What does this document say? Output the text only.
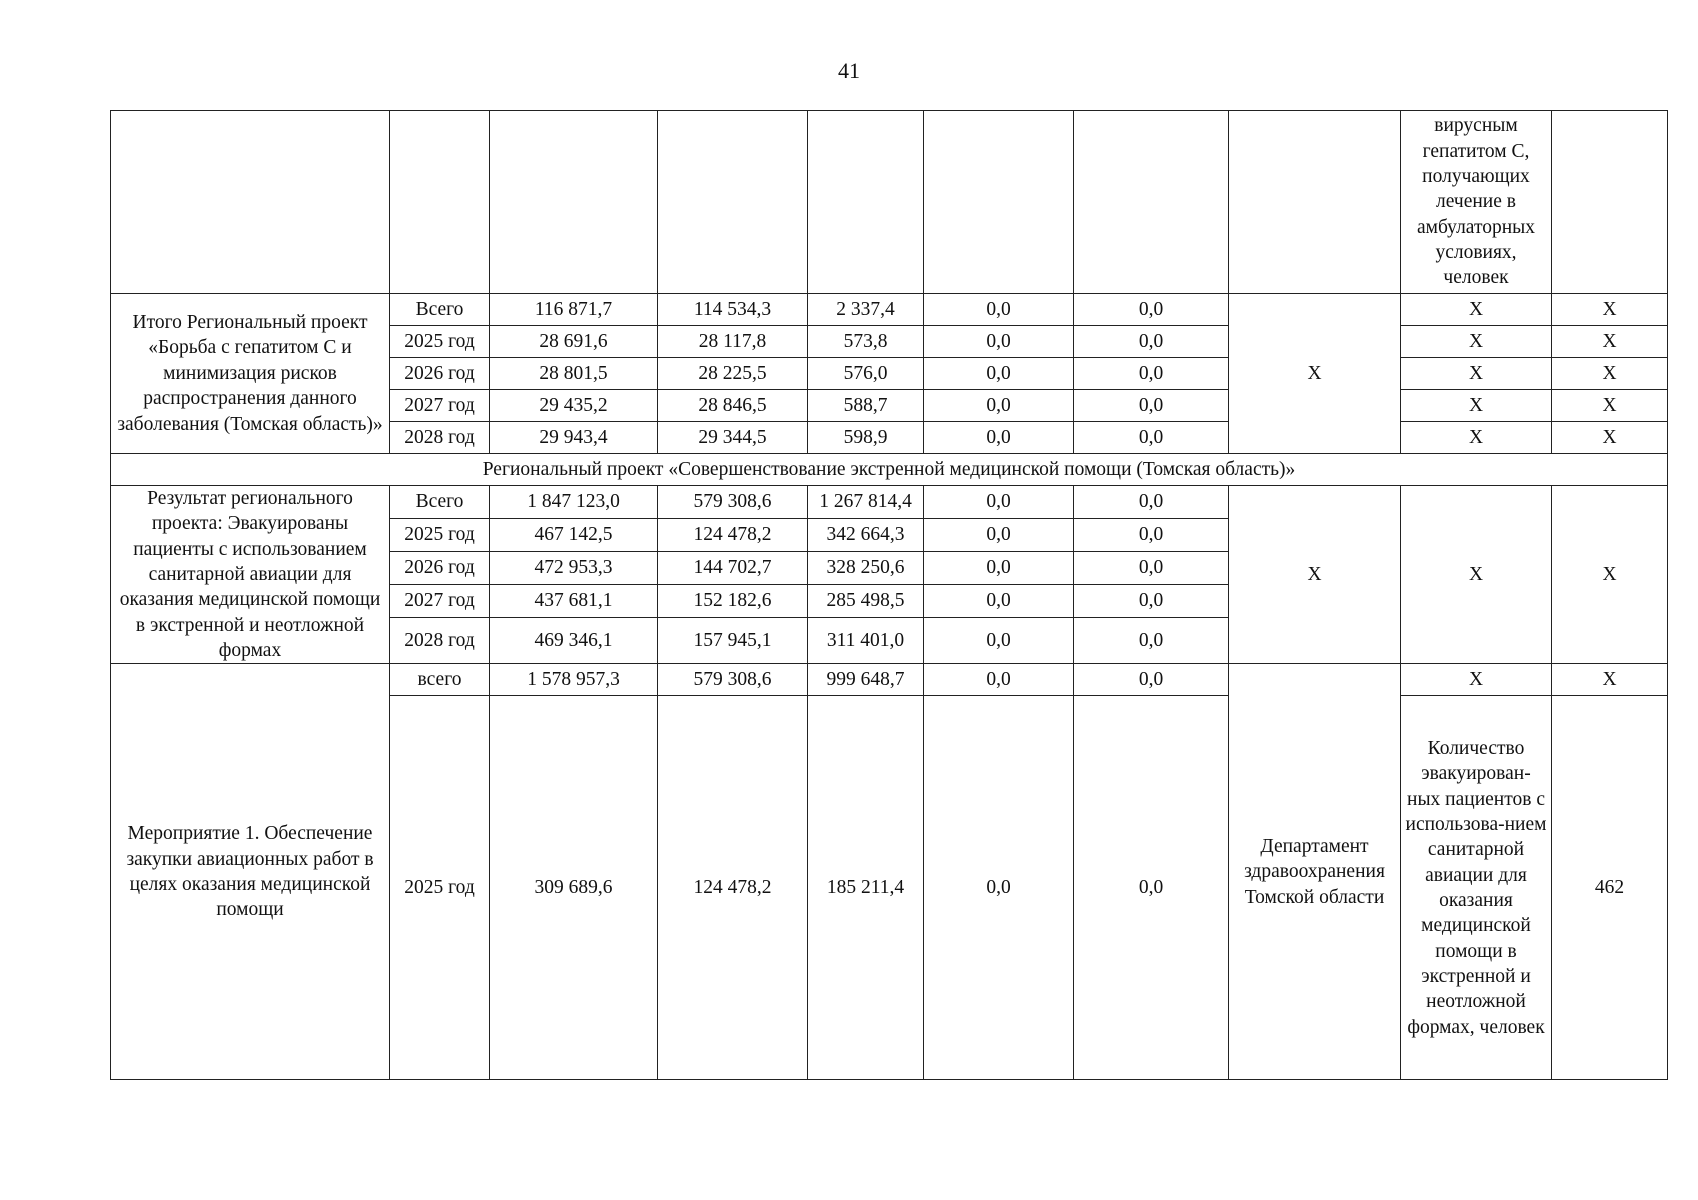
41
								вирусным гепатитом С, получающих лечение в амбулаторных условиях, человек	
Итого Региональный проект «Борьба с гепатитом С и минимизация рисков распространения данного заболевания (Томская область)»	Всего	116 871,7	114 534,3	2 337,4	0,0	0,0	Х	Х	Х
	2025 год	28 691,6	28 117,8	573,8	0,0	0,0		Х	Х
	2026 год	28 801,5	28 225,5	576,0	0,0	0,0		Х	Х
	2027 год	29 435,2	28 846,5	588,7	0,0	0,0		Х	Х
	2028 год	29 943,4	29 344,5	598,9	0,0	0,0		Х	Х
Региональный проект «Совершенствование экстренной медицинской помощи (Томская область)»									
Результат регионального проекта: Эвакуированы пациенты с использованием санитарной авиации для оказания медицинской помощи в экстренной и неотложной формах	Всего	1 847 123,0	579 308,6	1 267 814,4	0,0	0,0	Х	Х	Х
	2025 год	467 142,5	124 478,2	342 664,3	0,0	0,0			
	2026 год	472 953,3	144 702,7	328 250,6	0,0	0,0			
	2027 год	437 681,1	152 182,6	285 498,5	0,0	0,0			
	2028 год	469 346,1	157 945,1	311 401,0	0,0	0,0			
Мероприятие 1. Обеспечение закупки авиационных работ в целях оказания медицинской помощи	всего	1 578 957,3	579 308,6	999 648,7	0,0	0,0	Департамент здравоохранения Томской области	Х	Х
	2025 год	309 689,6	124 478,2	185 211,4	0,0	0,0		Количество эвакуирован-ных пациентов с использова-нием санитарной авиации для оказания медицинской помощи в экстренной и неотложной формах, человек	462
